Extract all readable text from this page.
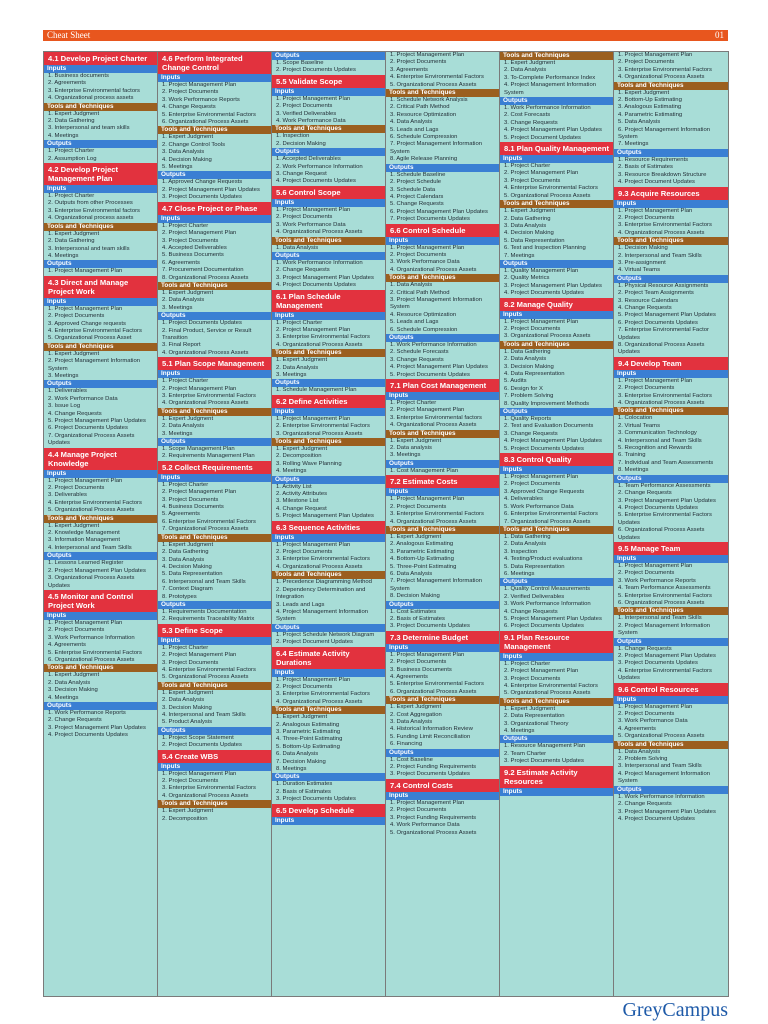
Cheat Sheet	01
4.1 Develop Project Charter
Inputs
1. Business documents
2. Agreements
3. Enterprise Environmental factors
4. Organizational process assets
Tools and Techniques
1. Expert Judgment
2. Data Gathering
3. Interpersonal and team skills
4. Meetings
Outputs
1. Project Charter
2. Assumption Log
4.2 Develop Project Management Plan
Inputs
1. Project Charter
2. Outputs from other Processes
3. Enterprise Environmental factors
4. Organizational process assets
Tools and Techniques
1. Expert Judgment
2. Data Gathering
3. Interpersonal and team skills
4. Meetings
Outputs
1. Project Management Plan
4.3 Direct and Manage Project Work
Inputs
1. Project Management Plan
2. Project Documents
3. Approved Change requests
4. Enterprise Environmental Factors
5. Organizational Process Asset
Tools and Techniques
1. Expert Judgment
2. Project Management Information System
3. Meetings
Outputs
1. Deliverables
2. Work Performance Data
3. Issue Log
4. Change Requests
5. Project Management Plan Updates
6. Project Documents Updates
7. Organizational Process Assets Updates
4.4 Manage Project Knowledge
Inputs
1. Project Management Plan
2. Project Documents
3. Deliverables
4. Enterprise Environmental Factors
5. Organizational Process Assets
Tools and Techniques
1. Expert Judgment
2. Knowledge Management
3. Information Management
4. Interpersonal and Team Skills
Outputs
1. Lessons Learned Register
2. Project Management Plan Updates
3. Organizational Process Assets Updates
4.5 Monitor and Control Project Work
Inputs
1. Project Management Plan
2. Project Documents
3. Work Performance Information
4. Agreements
5. Enterprise Environmental Factors
6. Organizational Process Assets
Tools and Techniques
1. Expert Judgment
2. Data Analysis
3. Decision Making
4. Meetings
Outputs
1. Work Performance Reports
2. Change Requests
3. Project Management Plan Updates
4. Project Documents Updates
4.6 Perform Integrated Change Control
Inputs
1. Project Management Plan
2. Project Documents
3. Work Performance Reports
4. Change Requests
5. Enterprise Environmental Factors
6. Organizational Process Assets
Tools and Techniques
1. Expert Judgment
2. Change Control Tools
3. Data Analysis
4. Decision Making
5. Meetings
Outputs
1. Approved Change Requests
2. Project Management Plan Updates
3. Project Documents Updates
4.7 Close Project or Phase
Inputs
1. Project Charter
2. Project Management Plan
3. Project Documents
4. Accepted Deliverables
5. Business Documents
6. Agreements
7. Procurement Documentation
8. Organizational Process Assets
Tools and Techniques
1. Expert Judgment
2. Data Analysis
3. Meetings
Outputs
1. Project Documents Updates
2. Final Product, Service or Result Transition
3. Final Report
4. Organizational Process Assets
5.1 Plan Scope Management
Inputs
1. Project Charter
2. Project Management Plan
3. Enterprise Environmental Factors
4. Organizational Process Assets
Tools and Techniques
1. Expert Judgment
2. Data Analysis
3. Meetings
Outputs
1. Scope Management Plan
2. Requirements Management Plan
5.2 Collect Requirements
Inputs
1. Project Charter
2. Project Management Plan
3. Project Documents
4. Business Documents
5. Agreements
6. Enterprise Environmental Factors
7. Organizational Process Assets
Tools and Techniques
1. Expert Judgment
2. Data Gathering
3. Data Analysis
4. Decision Making
5. Data Representation
6. Interpersonal and Team Skills
7. Context Diagram
8. Prototypes
Outputs
1. Requirements Documentation
2. Requirements Traceability Matrix
5.3 Define Scope
Inputs
1. Project Charter
2. Project Management Plan
3. Project Documents
4. Enterprise Environmental Factors
5. Organizational Process Assets
Tools and Techniques
1. Expert Judgment
2. Data Analysis
3. Decision Making
4. Interpersonal and Team Skills
5. Product Analysis
Outputs
1. Project Scope Statement
2. Project Documents Updates
5.4 Create WBS
Inputs
1. Project Management Plan
2. Project Documents
3. Enterprise Environmental Factors
4. Organizational Process Assets
Tools and Techniques
1. Expert Judgment
2. Decomposition
Outputs
1. Scope Baseline
2. Project Documents Updates
5.5 Validate Scope
Inputs
1. Project Management Plan
2. Project Documents
3. Verified Deliverables
4. Work Performance Data
Tools and Techniques
1. Inspection
2. Decision Making
Outputs
1. Accepted Deliverables
2. Work Performance Information
3. Change Request
4. Project Documents Updates
5.6 Control Scope
Inputs
1. Project Management Plan
2. Project Documents
3. Work Performance Data
4. Organizational Process Assets
Tools and Techniques
1. Data Analysis
Outputs
1. Work Performance Information
2. Change Requests
3. Project Management Plan Updates
4. Project Documents Updates
6.1 Plan Schedule Management
Inputs
1. Project Charter
2. Project Management Plan
3. Enterprise Environmental Factors
4. Organizational Process Assets
Tools and Techniques
1. Expert Judgment
2. Data Analysis
3. Meetings
Outputs
1. Schedule Management Plan
6.2 Define Activities
Inputs
1. Project Management Plan
2. Enterprise Environmental Factors
3. Organizational Process Assets
Tools and Techniques
1. Expert Judgment
2. Decomposition
3. Rolling Wave Planning
4. Meetings
Outputs
1. Activity List
2. Activity Attributes
3. Milestone List
4. Change Request
5. Project Management Plan Updates
6.3 Sequence Activities
Inputs
1. Project Management Plan
2. Project Documents
3. Enterprise Environmental Factors
4. Organizational Process Assets
Tools and Techniques
1. Precedence Diagramming Method
2. Dependency Determination and Integration
3. Leads and Lags
4. Project Management Information System
Outputs
1. Project Schedule Network Diagram
2. Project Document Updates
6.4 Estimate Activity Durations
Inputs
1. Project Management Plan
2. Project Documents
3. Enterprise Environmental Factors
4. Organizational Process Assets
Tools and Techniques
1. Expert Judgment
2. Analogous Estimating
3. Parametric Estimating
4. Three-Point Estimating
5. Bottom-Up Estimating
6. Data Analysis
7. Decision Making
8. Meetings
Outputs
1. Duration Estimates
2. Basis of Estimates
3. Project Documents Updates
6.5 Develop Schedule
Inputs
1. Project Management Plan
2. Project Documents
3. Agreements
4. Enterprise Environmental Factors
5. Organizational Process Assets
Tools and Techniques
1. Schedule Network Analysis
2. Critical Path Method
3. Resource Optimization
4. Data Analysis
5. Leads and Lags
6. Schedule Compression
7. Project Management Information System
8. Agile Release Planning
Outputs
1. Schedule Baseline
2. Project Schedule
3. Schedule Data
4. Project Calendars
5. Change Requests
6. Project Management Plan Updates
7. Project Documents Updates
6.6 Control Schedule
Inputs
1. Project Management Plan
2. Project Documents
3. Work Performance Data
4. Organizational Process Assets
Tools and Techniques
1. Data Analysis
2. Critical Path Method
3. Project Management Information System
4. Resource Optimization
5. Leads and Lags
6. Schedule Compression
Outputs
1. Work Performance Information
2. Schedule Forecasts
3. Change Requests
4. Project Management Plan Updates
5. Project Documents Updates
7.1 Plan Cost Management
Inputs
1. Project Charter
2. Project Management Plan
3. Enterprise Environmental factors
4. Organizational Process Assets
Tools and Techniques
1. Expert Judgment
2. Data analysis
3. Meetings
Outputs
1. Cost Management Plan
7.2 Estimate Costs
Inputs
1. Project Management Plan
2. Project Documents
3. Enterprise Environmental Factors
4. Organizational Process Assets
Tools and Techniques
1. Expert Judgment
2. Analogous Estimating
3. Parametric Estimating
4. Bottom-Up Estimating
5. Three-Point Estimating
6. Data Analysis
7. Project Management Information System
8. Decision Making
Outputs
1. Cost Estimates
2. Basis of Estimates
3. Project Documents Updates
7.3 Determine Budget
Inputs
1. Project Management Plan
2. Project Documents
3. Business Documents
4. Agreements
5. Enterprise Environmental Factors
6. Organizational Process Assets
Tools and Techniques
1. Expert Judgment
2. Cost Aggregation
3. Data Analysis
4. Historical Information Review
5. Funding Limit Reconciliation
6. Financing
Outputs
1. Cost Baseline
2. Project Funding Requirements
3. Project Documents Updates
7.4 Control Costs
Inputs
1. Project Management Plan
2. Project Documents
3. Project Funding Requirements
4. Work Performance Data
5. Organizational Process Assets
Tools and Techniques
1. Expert Judgment
2. Data Analysis
3. To-Complete Performance Index
4. Project Management Information System
Outputs
1. Work Performance Information
2. Cost Forecasts
3. Change Requests
4. Project Management Plan Updates
5. Project Document Updates
8.1 Plan Quality Management
Inputs
1. Project Charter
2. Project Management Plan
3. Project Documents
4. Enterprise Environmental Factors
5. Organizational Process Assets
Tools and Techniques
1. Expert Judgment
2. Data Gathering
3. Data Analysis
4. Decision Making
5. Data Representation
6. Test and Inspection Planning
7. Meetings
Outputs
1. Quality Management Plan
2. Quality Metrics
3. Project Management Plan Updates
4. Project Documents Updates
8.2 Manage Quality
Inputs
1. Project Management Plan
2. Project Documents
3. Organizational Process Assets
Tools and Techniques
1. Data Gathering
2. Data Analysis
3. Decision Making
4. Data Representation
5. Audits
6. Design for X
7. Problem Solving
8. Quality Improvement Methods
Outputs
1. Quality Reports
2. Test and Evaluation Documents
3. Change Requests
4. Project Management Plan Updates
5. Project Documents Updates
8.3 Control Quality
Inputs
1. Project Management Plan
2. Project Documents
3. Approved Change Requests
4. Deliverables
5. Work Performance Data
6. Enterprise Environmental Factors
7. Organizational Process Assets
Tools and Techniques
1. Data Gathering
2. Data Analysis
3. Inspection
4. Testing/Product evaluations
5. Data Representation
6. Meetings
Outputs
1. Quality Control Measurements
2. Verified Deliverables
3. Work Performance Information
4. Change Requests
5. Project Management Plan Updates
6. Project Documents Updates
9.1 Plan Resource Management
Inputs
1. Project Charter
2. Project Management Plan
3. Project Documents
4. Enterprise Environmental Factors
5. Organizational Process Assets
Tools and Techniques
1. Expert Judgment
2. Data Representation
3. Organizational Theory
4. Meetings
Outputs
1. Resource Management Plan
2. Team Charter
3. Project Documents Updates
9.2 Estimate Activity Resources
Inputs
1. Project Management Plan
2. Project Documents
3. Enterprise Environmental Factors
4. Organizational Process Assets
Tools and Techniques
1. Expert Judgment
2. Bottom-Up Estimating
3. Analogous Estimating
4. Parametric Estimating
5. Data Analysis
6. Project Management Information System
7. Meetings
Outputs
1. Resource Requirements
2. Basis of Estimates
3. Resource Breakdown Structure
4. Project Document Updates
9.3 Acquire Resources
Inputs
1. Project Management Plan
2. Project Documents
3. Enterprise Environmental Factors
4. Organizational Process Assets
Tools and Techniques
1. Decision Making
2. Interpersonal and Team Skills
3. Pre-assignment
4. Virtual Teams
Outputs
1. Physical Resource Assignments
2. Project Team Assignments
3. Resource Calendars
4. Change Requests
5. Project Management Plan Updates
6. Project Documents Updates
7. Enterprise Environmental Factor Updates
8. Organizational Process Assets Updates
9.4 Develop Team
Inputs
1. Project Management Plan
2. Project Documents
3. Enterprise Environmental Factors
4. Organizational Process Assets
Tools and Techniques
1. Colocation
2. Virtual Teams
3. Communication Technology
4. Interpersonal and Team Skills
5. Recognition and Rewards
6. Training
7. Individual and Team Assessments
8. Meetings
Outputs
1. Team Performance Assessments
2. Change Requests
3. Project Management Plan Updates
4. Project Documents Updates
5. Enterprise Environmental Factors Updates
6. Organizational Process Assets Updates
9.5 Manage Team
Inputs
1. Project Management Plan
2. Project Documents
3. Work Performance Reports
4. Team Performance Assessments
5. Enterprise Environmental Factors
6. Organizational Process Assets
Tools and Techniques
1. Interpersonal and Team Skills
2. Project Management Information System
Outputs
1. Change Requests
2. Project Management Plan Updates
3. Project Documents Updates
4. Enterprise Environmental Factors Updates
9.6 Control Resources
Inputs
1. Project Management Plan
2. Project Documents
3. Work Performance Data
4. Agreements
5. Organizational Process Assets
Tools and Techniques
1. Data Analysis
2. Problem Solving
3. Interpersonal and Team Skills
4. Project Management Information System
Outputs
1. Work Performance Information
2. Change Requests
3. Project Management Plan Updates
4. Project Document Updates
GreyCampus
